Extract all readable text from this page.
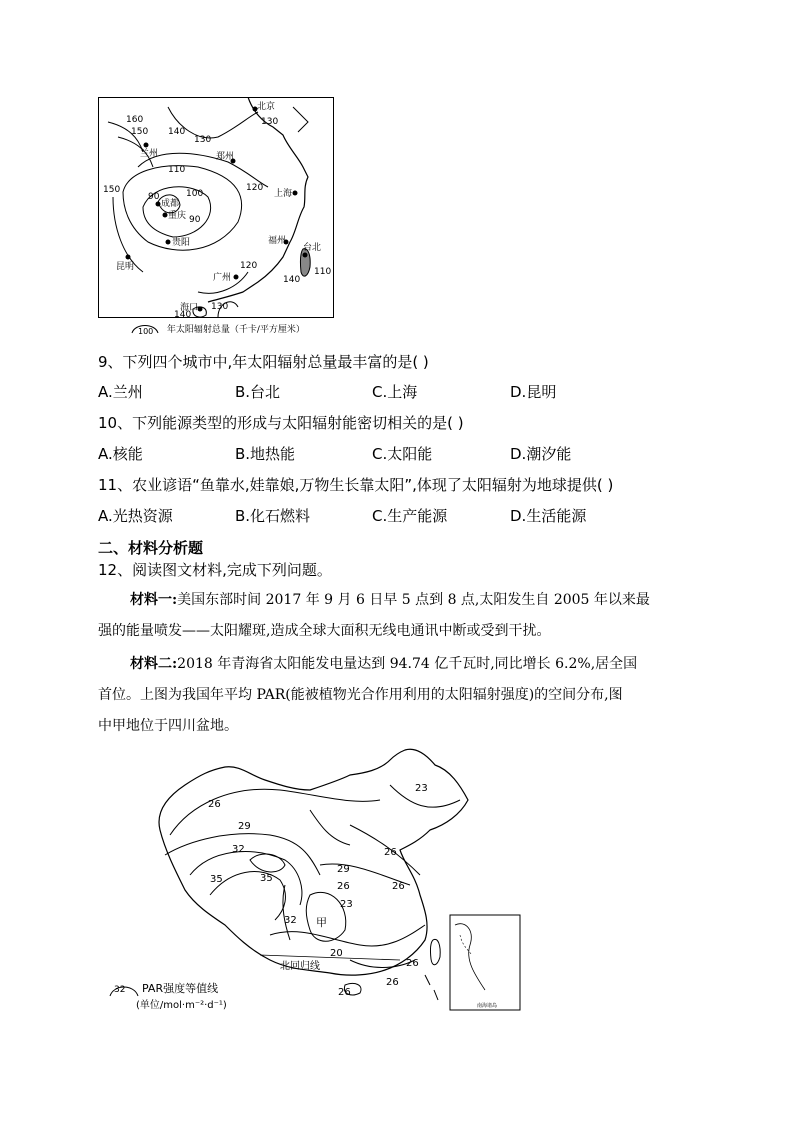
北京
兰州	郑州
上海
成都
重庆
贵阳
昆明
福州
台北
广州
海口
160
150 140
130
130
110
100
120
150
90
90
120
110
140
130
140

100 年太阳辐射总量（千卡/平方厘米）
9、下列四个城市中,年太阳辐射总量最丰富的是( )
A.兰州	B.台北	C.上海	D.昆明
10、下列能源类型的形成与太阳辐射能密切相关的是( )
A.核能	B.地热能	C.太阳能	D.潮汐能
11、农业谚语“鱼靠水,娃靠娘,万物生长靠太阳”,体现了太阳辐射为地球提供( )
A.光热资源	B.化石燃料	C.生产能源	D.生活能源
二、材料分析题
12、阅读图文材料,完成下列问题。
材料一:美国东部时间 2017 年 9 月 6 日早 5 点到 8 点,太阳发生自 2005 年以来最
强的能量喷发——太阳耀斑,造成全球大面积无线电通讯中断或受到干扰。
材料二:2018 年青海省太阳能发电量达到 94.74 亿千瓦时,同比增长 6.2%,居全国
首位。上图为我国年平均 PAR(能被植物光合作用利用的太阳辐射强度)的空间分布,图
中甲地位于四川盆地。
26
23
29
32
35	35
29
26
26	26
23
32
20
26
26
26
甲
北回归线
南海诸岛
32 PAR强度等值线
(单位/mol·m⁻²·d⁻¹)
